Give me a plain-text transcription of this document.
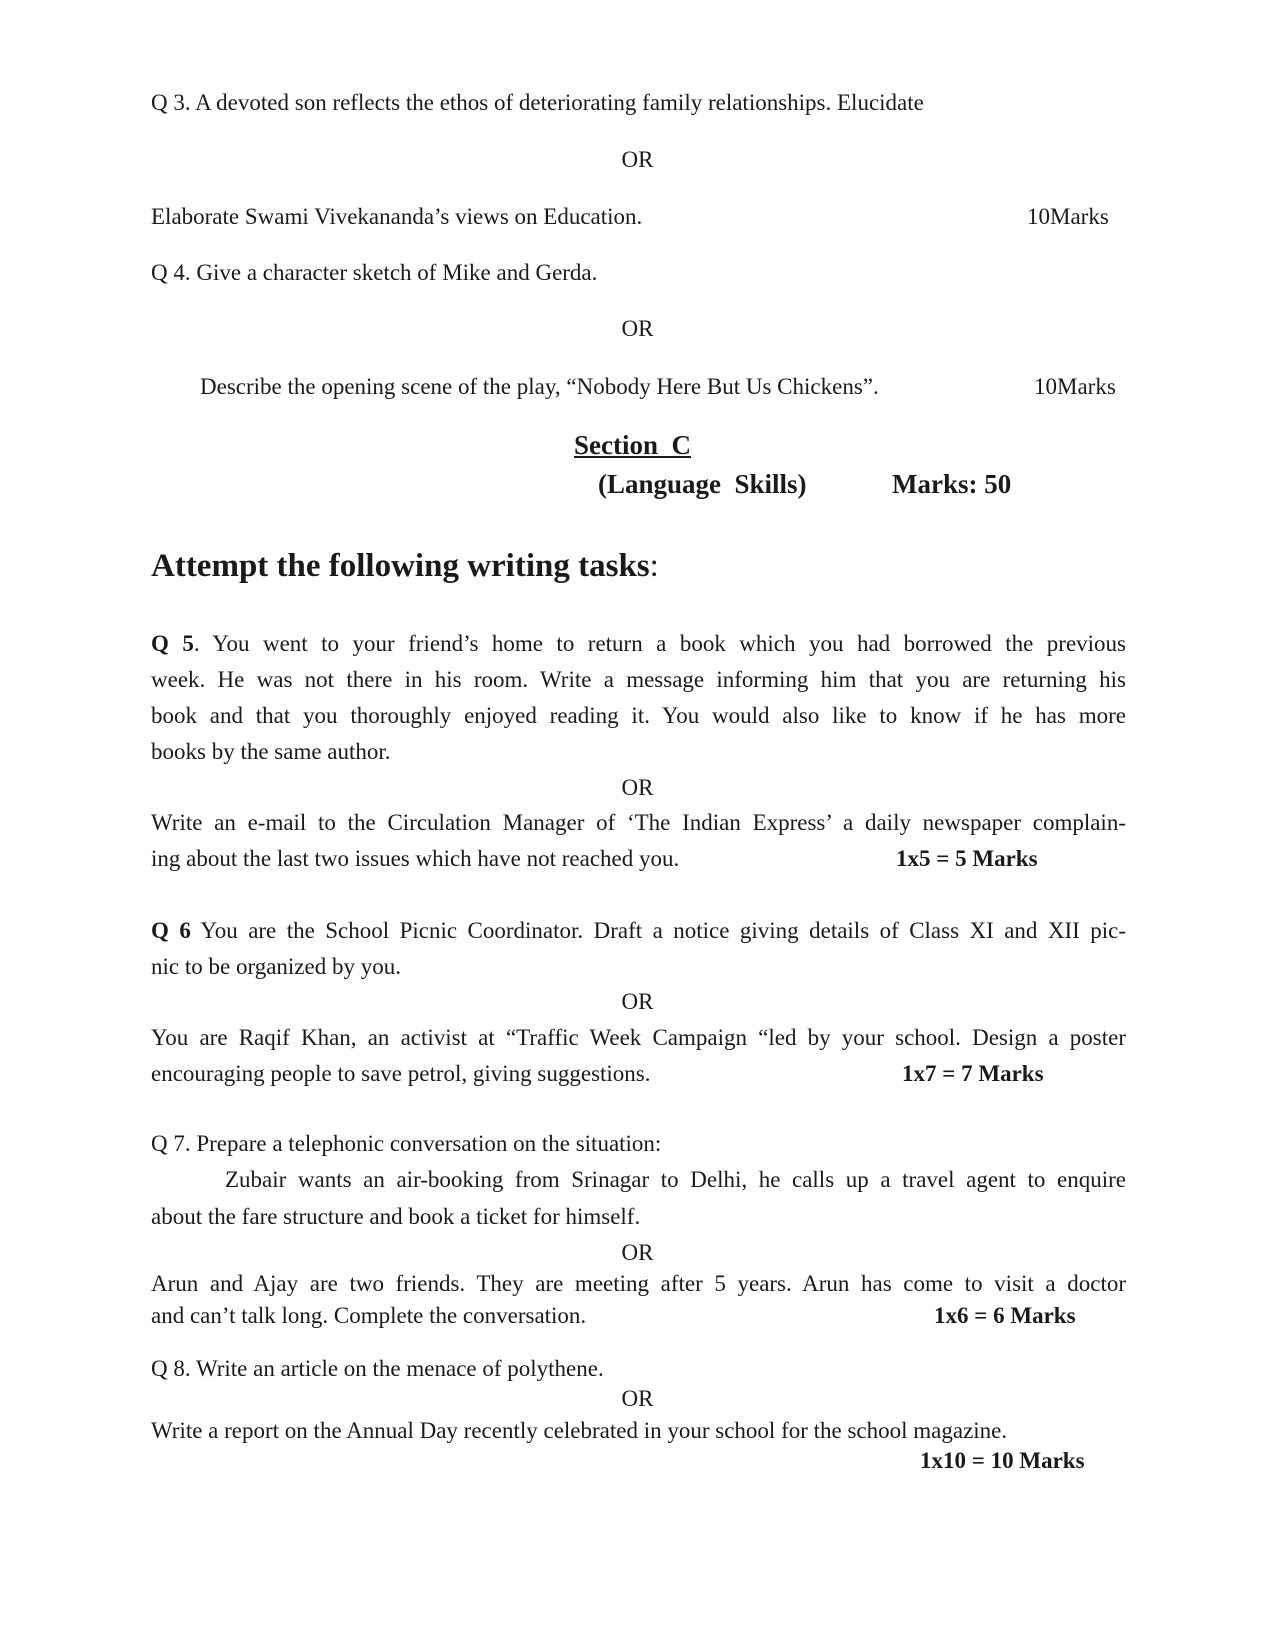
Q 3. A devoted son reflects the ethos of deteriorating family relationships. Elucidate
OR
Elaborate Swami Vivekananda’s views on Education.	10Marks
Q 4. Give a character sketch of Mike and Gerda.
OR
Describe the opening scene of the play, “Nobody Here But Us Chickens”.	10Marks
Section  C
(Language  Skills)	Marks: 50
Attempt the following writing tasks:
Q 5. You went to your friend’s home to return a book which you had borrowed the previous
week. He was not there in his room. Write a message informing him that you are returning his
book and that you thoroughly enjoyed reading it. You would also like to know if he has more
books by the same author.
OR
Write an e-mail to the Circulation Manager of ‘The Indian Express’ a daily newspaper complain-
ing about the last two issues which have not reached you.	1x5 = 5 Marks
Q 6 You are the School Picnic Coordinator. Draft a notice giving details of Class XI and XII pic-
nic to be organized by you.
OR
You are Raqif Khan, an activist at “Traffic Week Campaign “led by your school. Design a poster
encouraging people to save petrol, giving suggestions.	1x7 = 7 Marks
Q 7. Prepare a telephonic conversation on the situation:
Zubair wants an air-booking from Srinagar to Delhi, he calls up a travel agent to enquire
about the fare structure and book a ticket for himself.
OR
Arun and Ajay are two friends. They are meeting after 5 years. Arun has come to visit a doctor
and can’t talk long. Complete the conversation.	1x6 = 6 Marks
Q 8. Write an article on the menace of polythene.
OR
Write a report on the Annual Day recently celebrated in your school for the school magazine.
1x10 = 10 Marks
